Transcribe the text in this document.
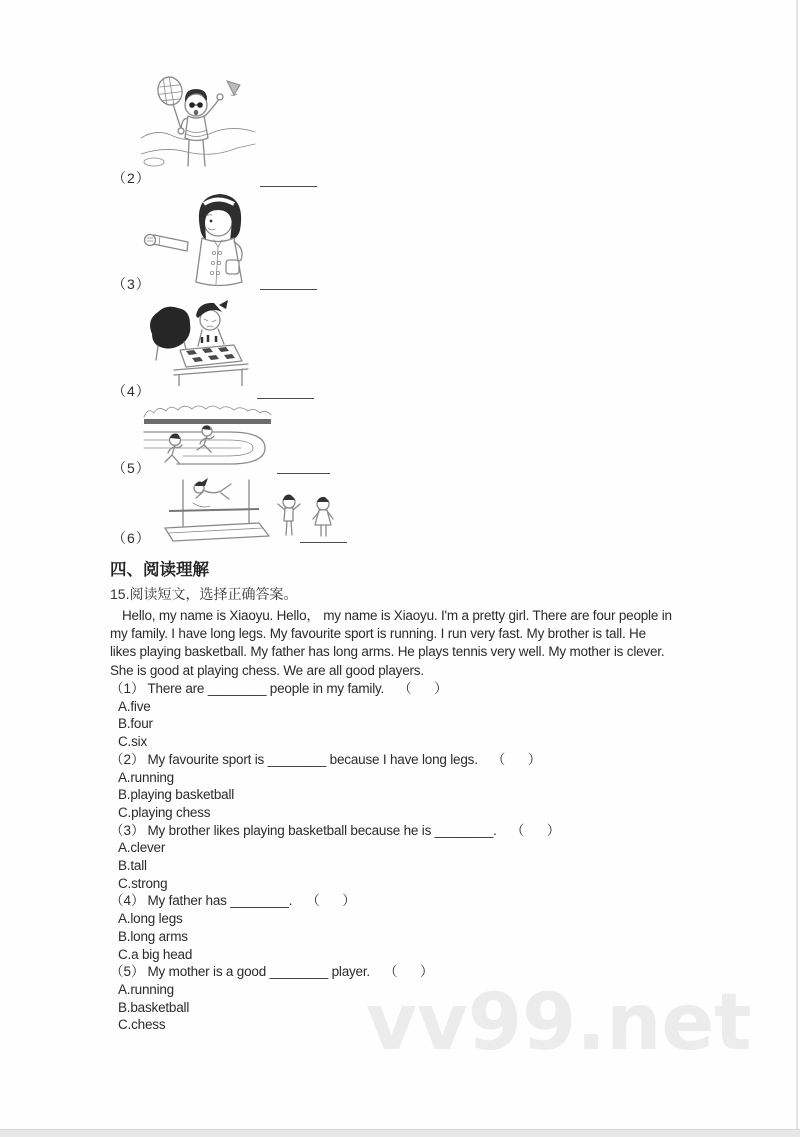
（2）
（3）
（4）
（5）
（6）
四、阅读理解
15.阅读短文，选择正确答案。
Hello, my name is Xiaoyu. Hello， my name is Xiaoyu. I'm a pretty girl. There are four people in
my family. I have long legs. My favourite sport is running. I run very fast. My brother is tall. He
likes playing basketball. My father has long arms. He plays tennis very well. My mother is clever.
She is good at playing chess. We are all good players.
（1） There are ________ people in my family. （      ）
A.five
B.four
C.six
（2） My favourite sport is ________ because I have long legs. （      ）
A.running
B.playing basketball
C.playing chess
（3） My brother likes playing basketball because he is ________. （      ）
A.clever
B.tall
C.strong
（4） My father has ________. （      ）
A.long legs
B.long arms
C.a big head
（5） My mother is a good ________ player. （      ）
A.running
B.basketball
C.chess	vv99.net
